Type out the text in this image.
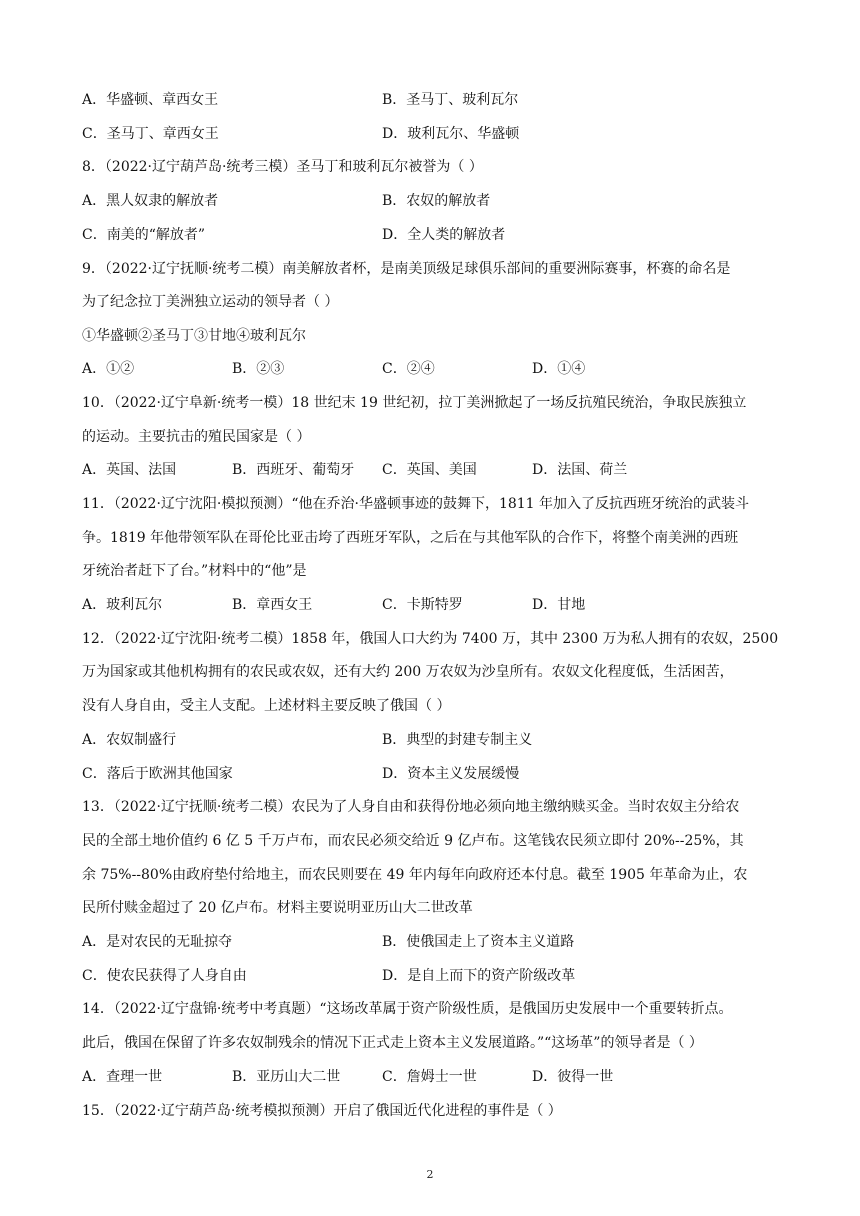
A．华盛顿、章西女王	B．圣马丁、玻利瓦尔
C．圣马丁、章西女王	D．玻利瓦尔、华盛顿
8．（2022·辽宁葫芦岛·统考三模）圣马丁和玻利瓦尔被誉为（ ）
A．黑人奴隶的解放者	B．农奴的解放者
C．南美的“解放者”	D．全人类的解放者
9．（2022·辽宁抚顺·统考二模）南美解放者杯，是南美顶级足球俱乐部间的重要洲际赛事，杯赛的命名是
为了纪念拉丁美洲独立运动的领导者（ ）
①华盛顿②圣马丁③甘地④玻利瓦尔
A．①②	B．②③	C．②④	D．①④
10．（2022·辽宁阜新·统考一模）18 世纪末 19 世纪初，拉丁美洲掀起了一场反抗殖民统治，争取民族独立
的运动。主要抗击的殖民国家是（ ）
A．英国、法国	B．西班牙、葡萄牙 C．英国、美国	D．法国、荷兰
11．（2022·辽宁沈阳·模拟预测）“他在乔治·华盛顿事迹的鼓舞下，1811 年加入了反抗西班牙统治的武装斗
争。1819 年他带领军队在哥伦比亚击垮了西班牙军队，之后在与其他军队的合作下，将整个南美洲的西班
牙统治者赶下了台。”材料中的“他”是
A．玻利瓦尔	B．章西女王	C．卡斯特罗	D．甘地
12．（2022·辽宁沈阳·统考二模）1858 年，俄国人口大约为 7400 万，其中 2300 万为私人拥有的农奴，2500
万为国家或其他机构拥有的农民或农奴，还有大约 200 万农奴为沙皇所有。农奴文化程度低，生活困苦，
没有人身自由，受主人支配。上述材料主要反映了俄国（ ）
A．农奴制盛行	B．典型的封建专制主义
C．落后于欧洲其他国家	D．资本主义发展缓慢
13．（2022·辽宁抚顺·统考二模）农民为了人身自由和获得份地必须向地主缴纳赎买金。当时农奴主分给农
民的全部土地价值约 6 亿 5 千万卢布，而农民必须交给近 9 亿卢布。这笔钱农民须立即付 20%--25%，其
余 75%--80%由政府垫付给地主，而农民则要在 49 年内每年向政府还本付息。截至 1905 年革命为止，农
民所付赎金超过了 20 亿卢布。材料主要说明亚历山大二世改革
A．是对农民的无耻掠夺	B．使俄国走上了资本主义道路
C．使农民获得了人身自由	D．是自上而下的资产阶级改革
14．（2022·辽宁盘锦·统考中考真题）“这场改革属于资产阶级性质，是俄国历史发展中一个重要转折点。
此后，俄国在保留了许多农奴制残余的情况下正式走上资本主义发展道路。”“这场革”的领导者是（ ）
A．查理一世	B．亚历山大二世	C．詹姆士一世	D．彼得一世
15．（2022·辽宁葫芦岛·统考模拟预测）开启了俄国近代化进程的事件是（ ）
2
